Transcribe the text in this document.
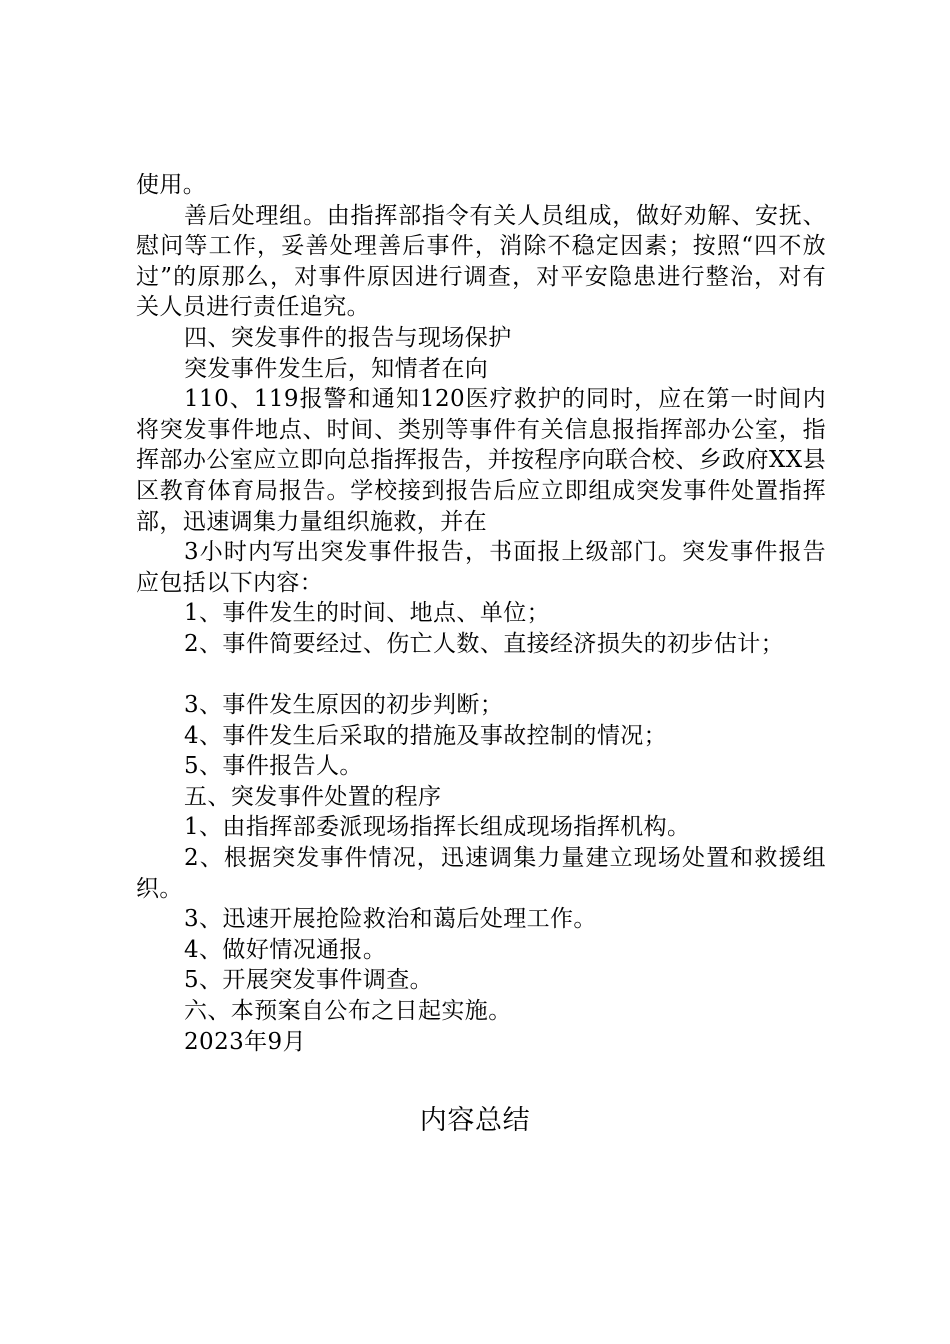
使用。

善后处理组。由指挥部指令有关人员组成，做好劝解、安抚、慰问等工作，妥善处理善后事件，消除不稳定因素；按照“四不放过”的原那么，对事件原因进行调查，对平安隐患进行整治，对有关人员进行责任追究。

四、突发事件的报告与现场保护

突发事件发生后，知情者在向

110、119报警和通知120医疗救护的同时，应在第一时间内将突发事件地点、时间、类别等事件有关信息报指挥部办公室，指挥部办公室应立即向总指挥报告，并按程序向联合校、乡政府XX县区教育体育局报告。学校接到报告后应立即组成突发事件处置指挥部，迅速调集力量组织施救，并在

3小时内写出突发事件报告，书面报上级部门。突发事件报告应包括以下内容：

1、事件发生的时间、地点、单位；

2、事件简要经过、伤亡人数、直接经济损失的初步估计；

3、事件发生原因的初步判断；

4、事件发生后采取的措施及事故控制的情况；

5、事件报告人。

五、突发事件处置的程序

1、由指挥部委派现场指挥长组成现场指挥机构。

2、根据突发事件情况，迅速调集力量建立现场处置和救援组织。

3、迅速开展抢险救治和蔼后处理工作。

4、做好情况通报。

5、开展突发事件调查。

六、本预案自公布之日起实施。

2023年9月

内容总结
